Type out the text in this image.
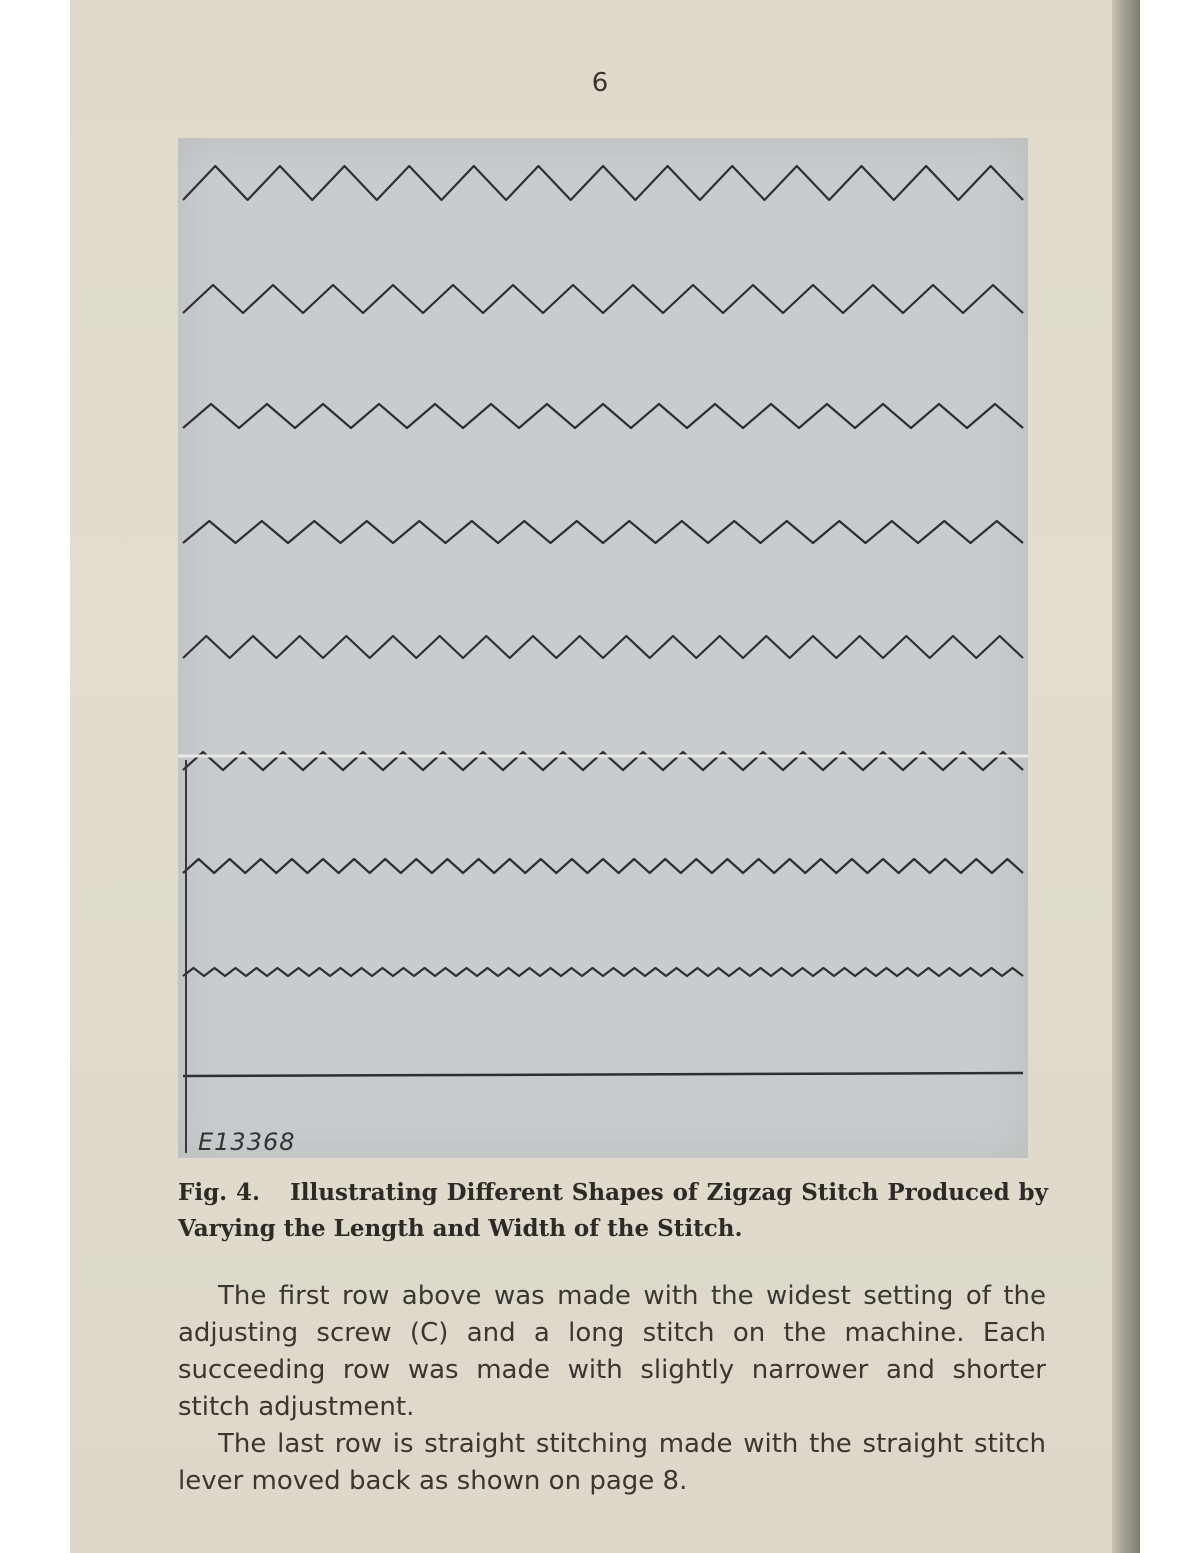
6
E13368
Fig. 4. Illustrating Different Shapes of Zigzag Stitch Produced by Varying the Length and Width of the Stitch.

The first row above was made with the widest setting of the adjusting screw (C) and a long stitch on the machine. Each succeeding row was made with slightly narrower and shorter stitch adjustment.

The last row is straight stitching made with the straight stitch lever moved back as shown on page 8.
